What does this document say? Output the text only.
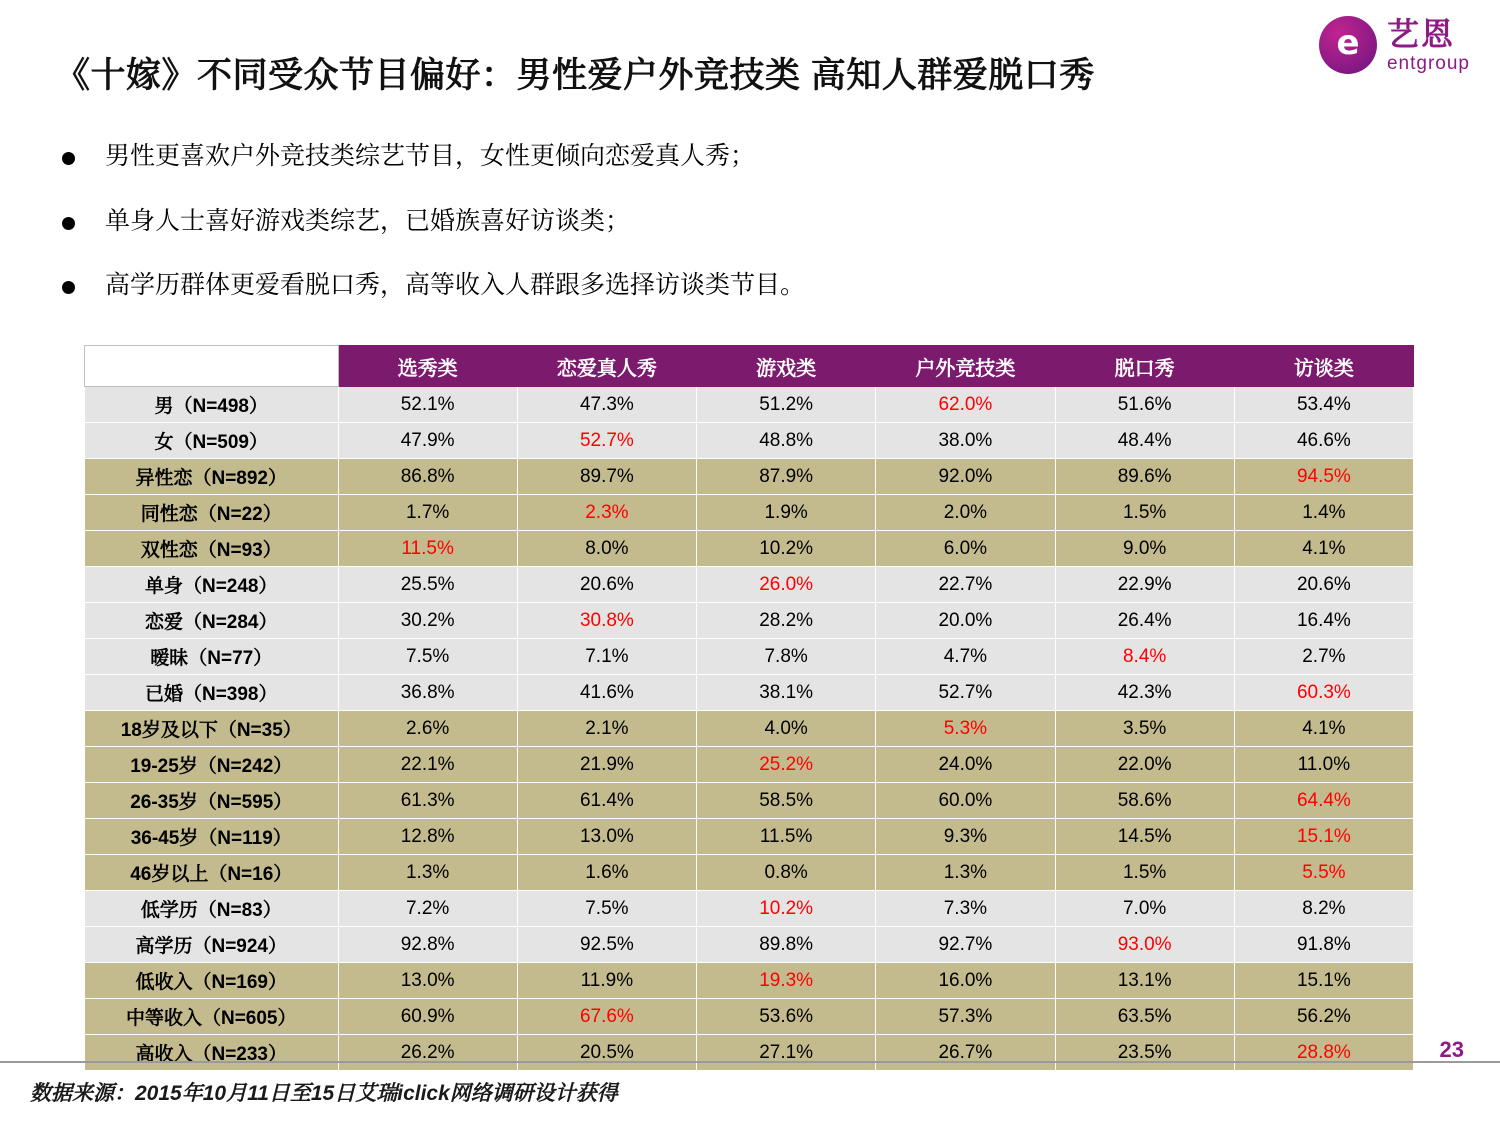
e 艺恩
entgroup
《十嫁》不同受众节目偏好：男性爱户外竞技类 高知人群爱脱口秀
男性更喜欢户外竞技类综艺节目，女性更倾向恋爱真人秀；
单身人士喜好游戏类综艺，已婚族喜好访谈类；
高学历群体更爱看脱口秀，高等收入人群跟多选择访谈类节目。
	选秀类	恋爱真人秀	游戏类	户外竞技类	脱口秀	访谈类
男（N=498）	52.1%	47.3%	51.2%	62.0%	51.6%	53.4%
女（N=509）	47.9%	52.7%	48.8%	38.0%	48.4%	46.6%
异性恋（N=892）	86.8%	89.7%	87.9%	92.0%	89.6%	94.5%
同性恋（N=22）	1.7%	2.3%	1.9%	2.0%	1.5%	1.4%
双性恋（N=93）	11.5%	8.0%	10.2%	6.0%	9.0%	4.1%
单身（N=248）	25.5%	20.6%	26.0%	22.7%	22.9%	20.6%
恋爱（N=284）	30.2%	30.8%	28.2%	20.0%	26.4%	16.4%
暧昧（N=77）	7.5%	7.1%	7.8%	4.7%	8.4%	2.7%
已婚（N=398）	36.8%	41.6%	38.1%	52.7%	42.3%	60.3%
18岁及以下（N=35）	2.6%	2.1%	4.0%	5.3%	3.5%	4.1%
19-25岁（N=242）	22.1%	21.9%	25.2%	24.0%	22.0%	11.0%
26-35岁（N=595）	61.3%	61.4%	58.5%	60.0%	58.6%	64.4%
36-45岁（N=119）	12.8%	13.0%	11.5%	9.3%	14.5%	15.1%
46岁以上（N=16）	1.3%	1.6%	0.8%	1.3%	1.5%	5.5%
低学历（N=83）	7.2%	7.5%	10.2%	7.3%	7.0%	8.2%
高学历（N=924）	92.8%	92.5%	89.8%	92.7%	93.0%	91.8%
低收入（N=169）	13.0%	11.9%	19.3%	16.0%	13.1%	15.1%
中等收入（N=605）	60.9%	67.6%	53.6%	57.3%	63.5%	56.2%
高收入（N=233）	26.2%	20.5%	27.1%	26.7%	23.5%	28.8%
数据来源：2015年10月11日至15日艾瑞iclick网络调研设计获得
23
